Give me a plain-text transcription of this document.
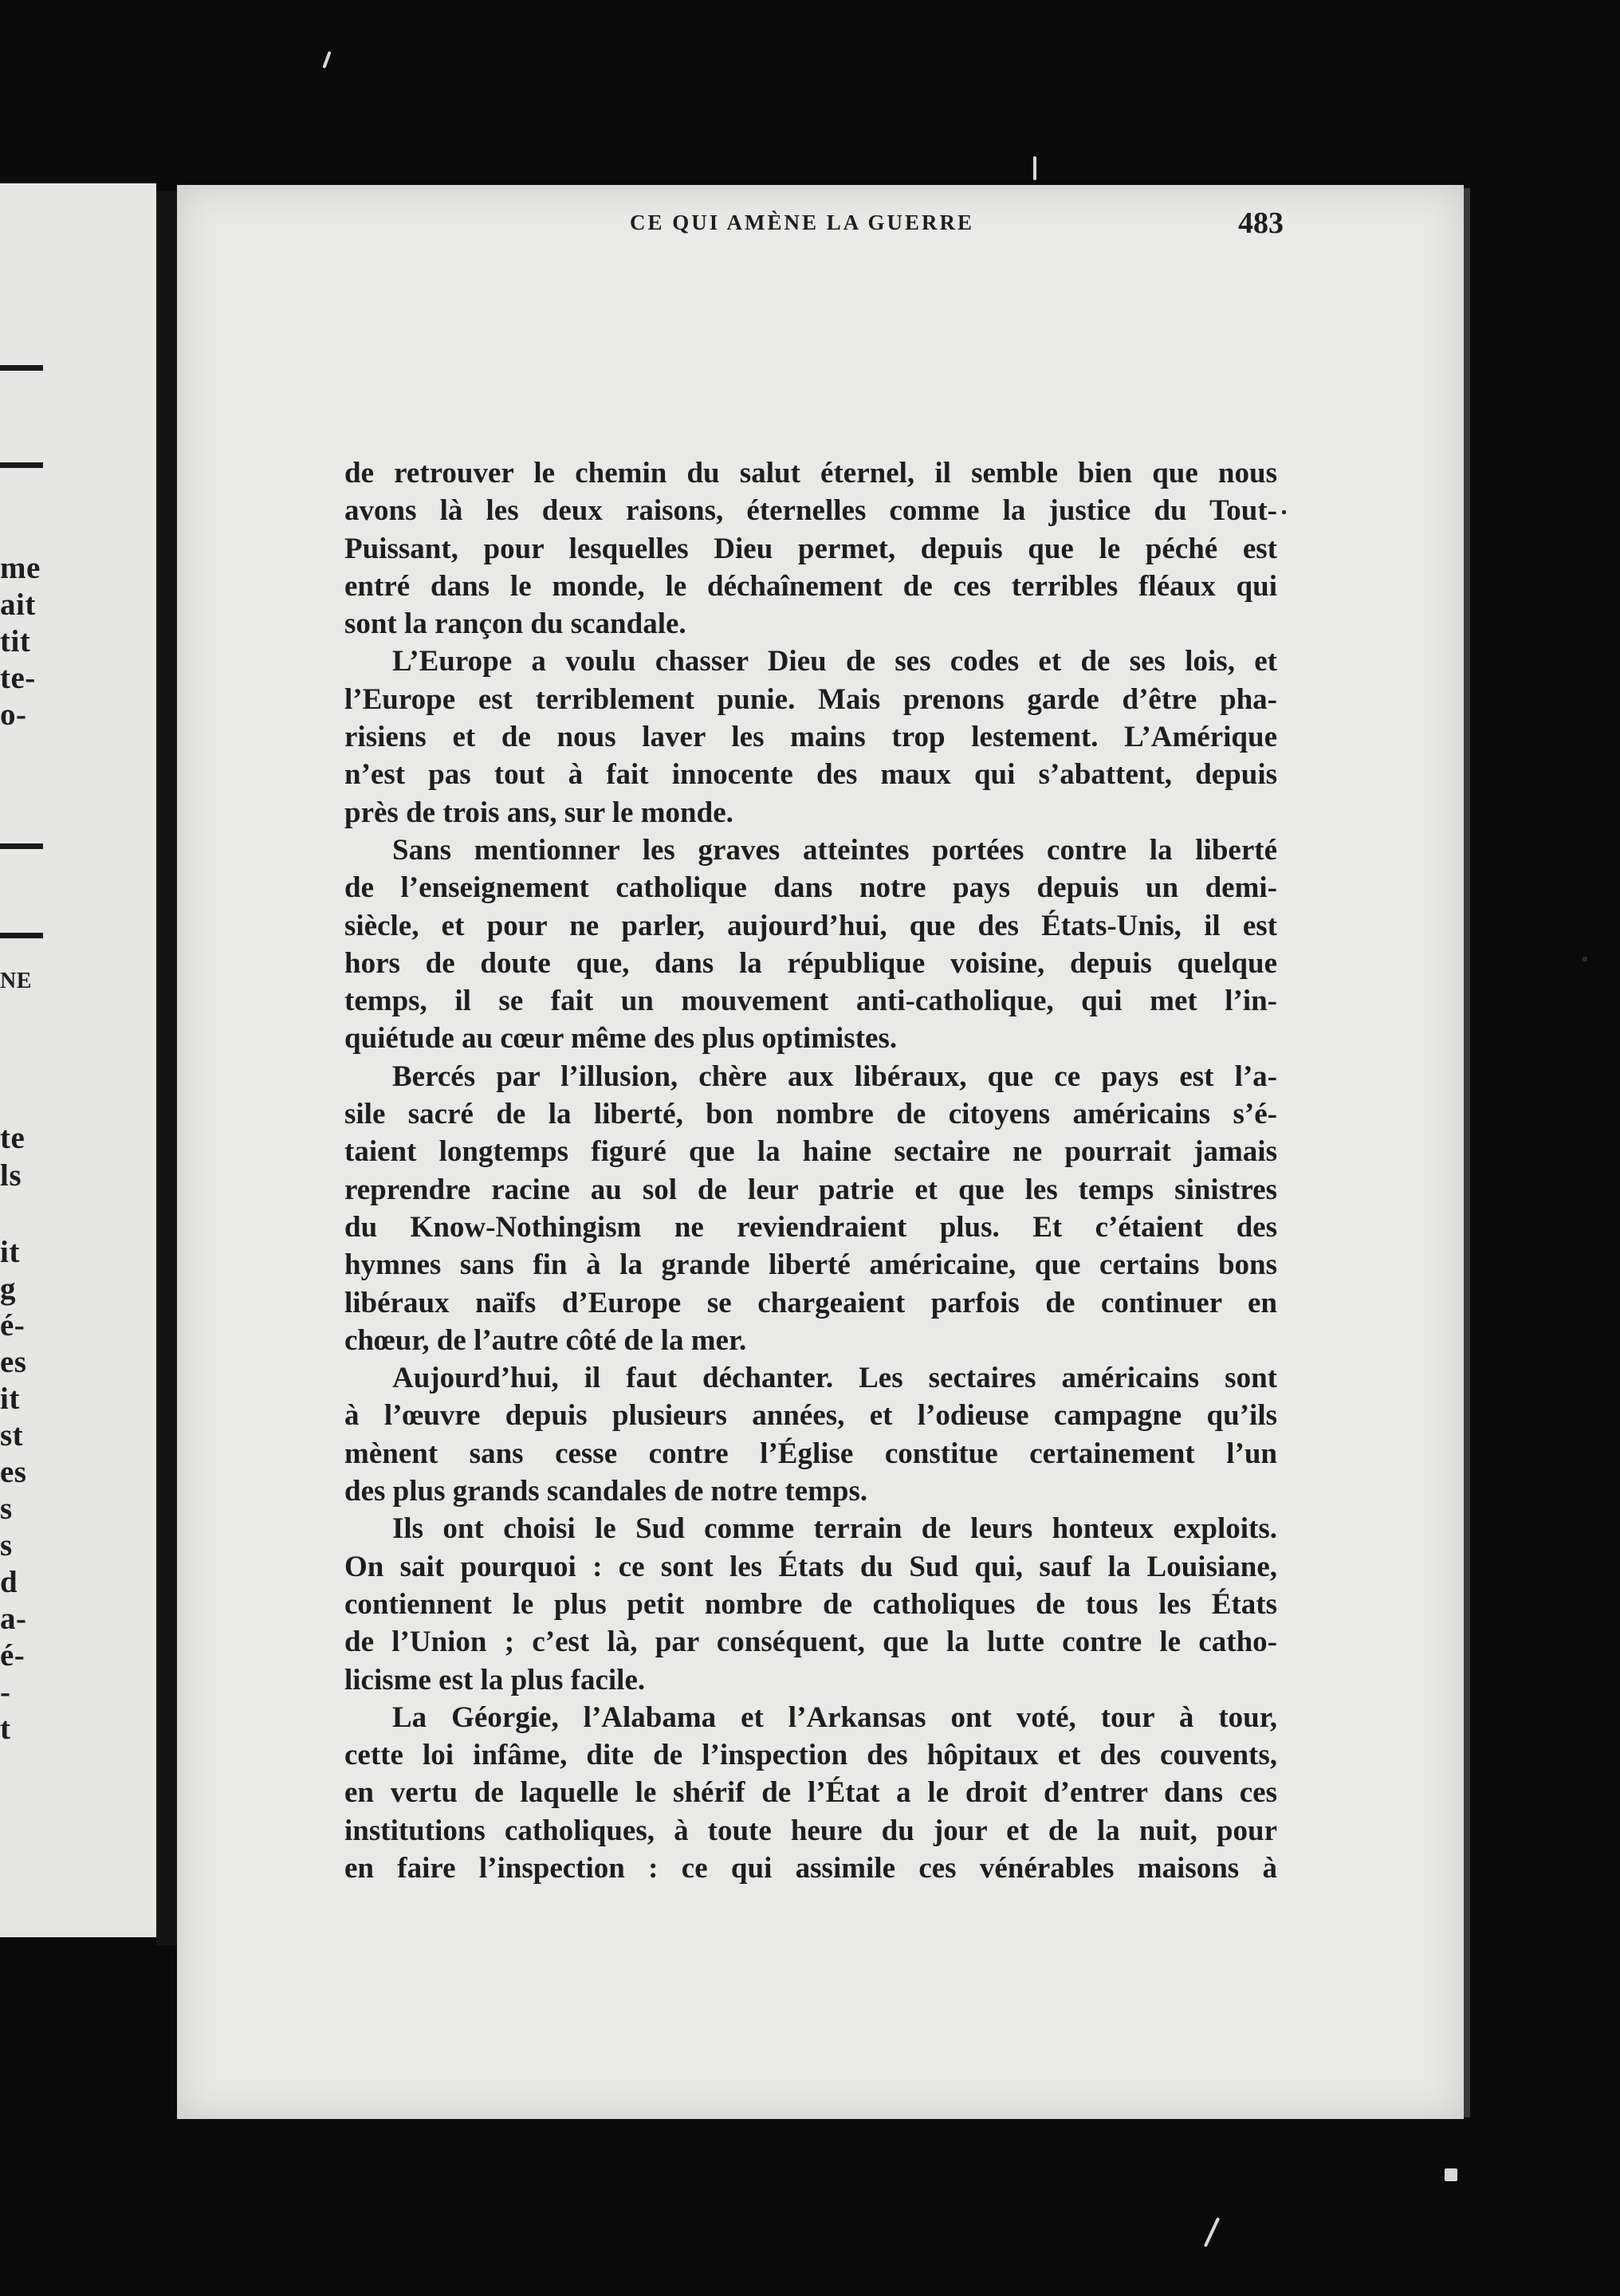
me
ait
tit
te-
o-
NE
te
ls
it
g
é-
es
it
st
es
s
s
d
a-
é-
-
t
CE QUI AMÈNE LA GUERRE	483
de retrouver le chemin du salut éternel, il semble bien que nous
avons là les deux raisons, éternelles comme la justice du Tout-
Puissant, pour lesquelles Dieu permet, depuis que le péché est
entré dans le monde, le déchaînement de ces terribles fléaux qui
sont la rançon du scandale.
L’Europe a voulu chasser Dieu de ses codes et de ses lois, et
l’Europe est terriblement punie. Mais prenons garde d’être pha-
risiens et de nous laver les mains trop lestement. L’Amérique
n’est pas tout à fait innocente des maux qui s’abattent, depuis
près de trois ans, sur le monde.
Sans mentionner les graves atteintes portées contre la liberté
de l’enseignement catholique dans notre pays depuis un demi-
siècle, et pour ne parler, aujourd’hui, que des États-Unis, il est
hors de doute que, dans la république voisine, depuis quelque
temps, il se fait un mouvement anti-catholique, qui met l’in-
quiétude au cœur même des plus optimistes.
Bercés par l’illusion, chère aux libéraux, que ce pays est l’a-
sile sacré de la liberté, bon nombre de citoyens américains s’é-
taient longtemps figuré que la haine sectaire ne pourrait jamais
reprendre racine au sol de leur patrie et que les temps sinistres
du Know-Nothingism ne reviendraient plus. Et c’étaient des
hymnes sans fin à la grande liberté américaine, que certains bons
libéraux naïfs d’Europe se chargeaient parfois de continuer en
chœur, de l’autre côté de la mer.
Aujourd’hui, il faut déchanter. Les sectaires américains sont
à l’œuvre depuis plusieurs années, et l’odieuse campagne qu’ils
mènent sans cesse contre l’Église constitue certainement l’un
des plus grands scandales de notre temps.
Ils ont choisi le Sud comme terrain de leurs honteux exploits.
On sait pourquoi : ce sont les États du Sud qui, sauf la Louisiane,
contiennent le plus petit nombre de catholiques de tous les États
de l’Union ; c’est là, par conséquent, que la lutte contre le catho-
licisme est la plus facile.
La Géorgie, l’Alabama et l’Arkansas ont voté, tour à tour,
cette loi infâme, dite de l’inspection des hôpitaux et des couvents,
en vertu de laquelle le shérif de l’État a le droit d’entrer dans ces
institutions catholiques, à toute heure du jour et de la nuit, pour
en faire l’inspection : ce qui assimile ces vénérables maisons à
